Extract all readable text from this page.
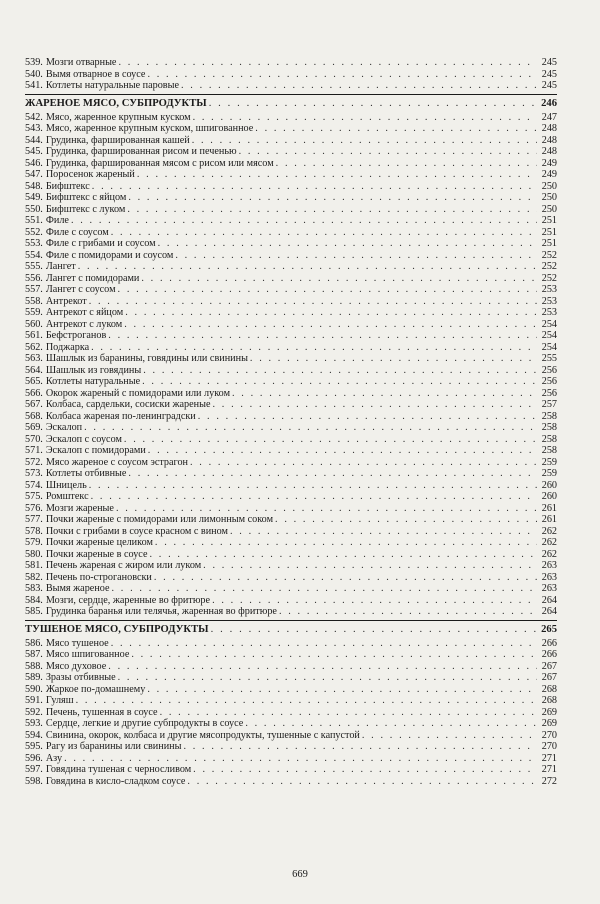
539. Мозги отварные . . .	245
540. Вымя отварное в соусе . . .	245
541. Котлеты натуральные паровые . . .	245
ЖАРЕНОЕ МЯСО, СУБПРОДУКТЫ . . .	246
542. Мясо, жаренное крупным куском . . .	247
543. Мясо, жаренное крупным куском, шпигованное . . .	248
544. Грудинка, фаршированная кашей . . .	248
545. Грудинка, фаршированная рисом и печенью . . .	248
546. Грудинка, фаршированная мясом с рисом или мясом . . .	249
547. Поросенок жареный . . .	249
548. Бифштекс . . .	250
549. Бифштекс с яйцом . . .	250
550. Бифштекс с луком . . .	250
551. Филе . . .	251
552. Филе с соусом . . .	251
553. Филе с грибами и соусом . . .	251
554. Филе с помидорами и соусом . . .	252
555. Лангет . . .	252
556. Лангет с помидорами . . .	252
557. Лангет с соусом . . .	253
558. Антрекот . . .	253
559. Антрекот с яйцом . . .	253
560. Антрекот с луком . . .	254
561. Бефстроганов . . .	254
562. Поджарка . . .	254
563. Шашлык из баранины, говядины или свинины . . .	255
564. Шашлык из говядины . . .	256
565. Котлеты натуральные . . .	256
566. Окорок жареный с помидорами или луком . . .	256
567. Колбаса, сардельки, сосиски жареные . . .	257
568. Колбаса жареная по-ленинградски . . .	258
569. Эскалоп . . .	258
570. Эскалоп с соусом . . .	258
571. Эскалоп с помидорами . . .	258
572. Мясо жареное с соусом эстрагон . . .	259
573. Котлеты отбивные . . .	259
574. Шницель . . .	260
575. Ромштекс . . .	260
576. Мозги жареные . . .	261
577. Почки жареные с помидорами или лимонным соком . . .	261
578. Почки с грибами в соусе красном с вином . . .	262
579. Почки жареные целиком . . .	262
580. Почки жареные в соусе . . .	262
581. Печень жареная с жиром или луком . . .	263
582. Печень по-строгановски . . .	263
583. Вымя жареное . . .	263
584. Мозги, сердце, жаренные во фритюре . . .	264
585. Грудинка баранья или телячья, жаренная во фритюре . . .	264
ТУШЕНОЕ МЯСО, СУБПРОДУКТЫ . . .	265
586. Мясо тушеное . . .	266
587. Мясо шпигованное . . .	266
588. Мясо духовое . . .	267
589. Зразы отбивные . . .	267
590. Жаркое по-домашнему . . .	268
591. Гуляш . . .	268
592. Печень, тушенная в соусе . . .	269
593. Сердце, легкие и другие субпродукты в соусе . . .	269
594. Свинина, окорок, колбаса и другие мясопродукты, тушенные с капустой . . .	270
595. Рагу из баранины или свинины . . .	270
596. Азу . . .	271
597. Говядина тушеная с черносливом . . .	271
598. Говядина в кисло-сладком соусе . . .	272
669
